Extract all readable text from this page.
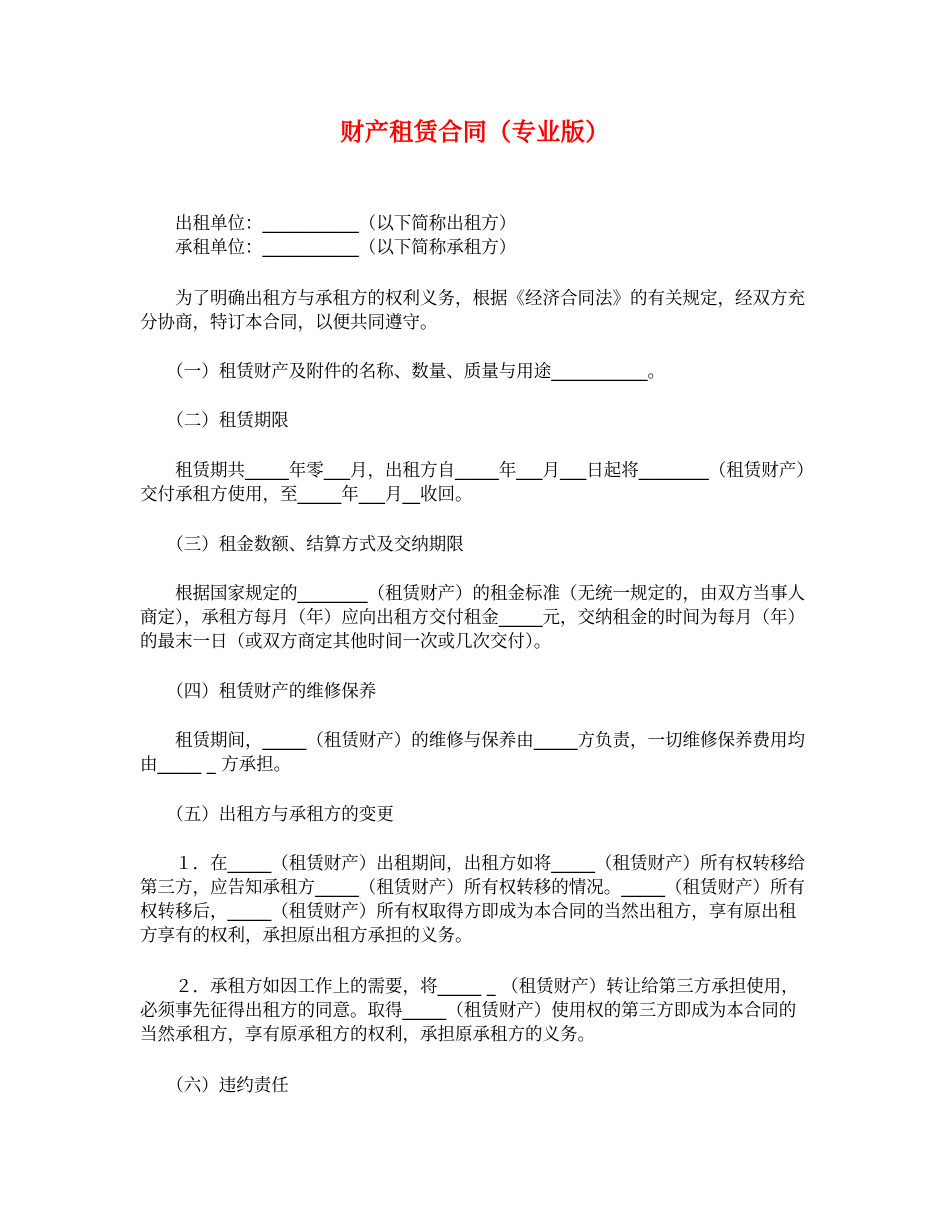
财产租赁合同（专业版）
　　出租单位：___________（以下简称出租方）
　　承租单位：___________（以下简称承租方）
　　为了明确出租方与承租方的权利义务，根据《经济合同法》的有关规定，经双方充分协商，特订本合同，以便共同遵守。
　　（一）租赁财产及附件的名称、数量、质量与用途___________。
　　（二）租赁期限
　　租赁期共_____年零___月，出租方自_____年___月___日起将________（租赁财产）交付承租方使用，至_____年___月__收回。
　　（三）租金数额、结算方式及交纳期限
　　根据国家规定的________（租赁财产）的租金标准（无统一规定的，由双方当事人商定），承租方每月（年）应向出租方交付租金_____元，交纳租金的时间为每月（年）的最末一日（或双方商定其他时间一次或几次交付）。
　　（四）租赁财产的维修保养
　　租赁期间，_____（租赁财产）的维修与保养由_____方负责，一切维修保养费用均由_____ _ 方承担。
　　（五）出租方与承租方的变更
　　１．在_____（租赁财产）出租期间，出租方如将_____（租赁财产）所有权转移给第三方，应告知承租方_____（租赁财产）所有权转移的情况。_____（租赁财产）所有权转移后，_____（租赁财产）所有权取得方即成为本合同的当然出租方，享有原出租方享有的权利，承担原出租方承担的义务。
　　２．承租方如因工作上的需要，将_____ _ （租赁财产）转让给第三方承担使用，必须事先征得出租方的同意。取得_____（租赁财产）使用权的第三方即成为本合同的当然承租方，享有原承租方的权利，承担原承租方的义务。
　　（六）违约责任
